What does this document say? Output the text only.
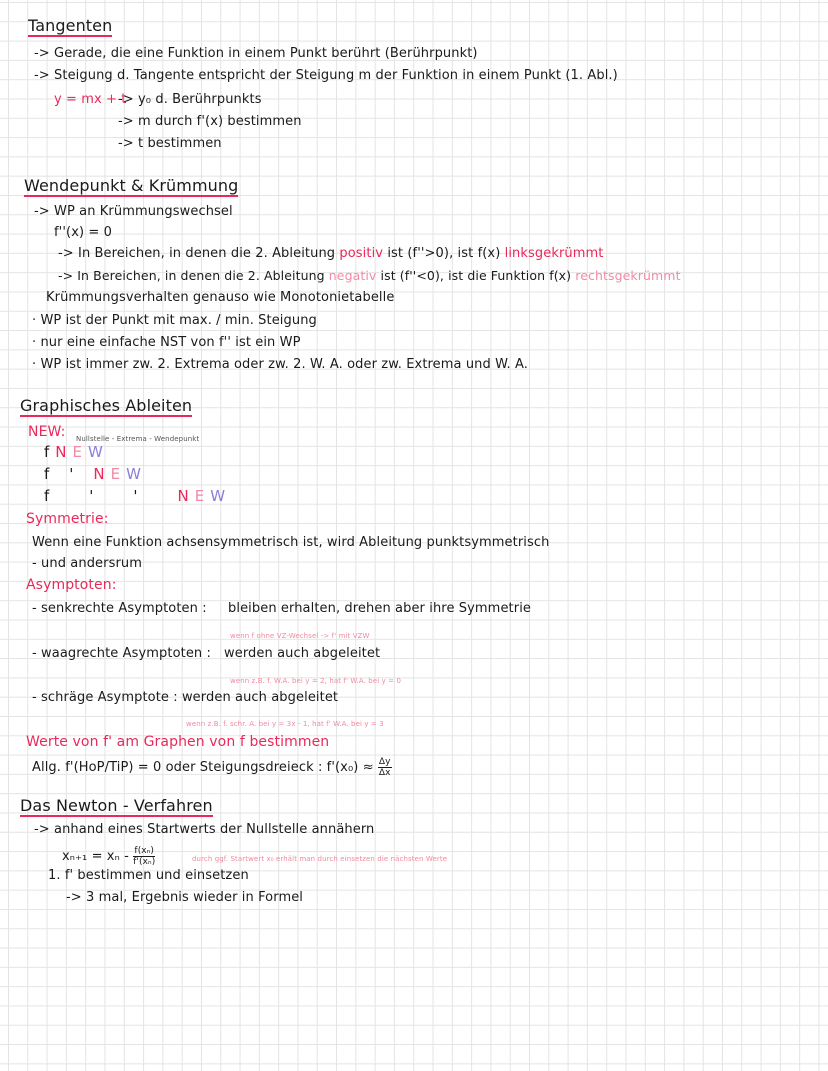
Tangenten
-> Gerade, die eine Funktion in einem Punkt berührt (Berührpunkt)
-> Steigung d. Tangente entspricht der Steigung m der Funktion in einem Punkt (1. Abl.)
y = mx + t
-> y₀ d. Berührpunkts
-> m durch f'(x) bestimmen
-> t bestimmen
Wendepunkt & Krümmung
-> WP an Krümmungswechsel
f''(x) = 0
-> In Bereichen, in denen die 2. Ableitung positiv ist (f''>0), ist f(x) linksgekrümmt
-> In Bereichen, in denen die 2. Ableitung negativ ist (f''<0), ist die Funktion f(x) rechtsgekrümmt
Krümmungsverhalten genauso wie Monotonietabelle
· WP ist der Punkt mit max. / min. Steigung
· nur eine einfache NST von f'' ist ein WP
· WP ist immer zw. 2. Extrema oder zw. 2. W. A. oder zw. Extrema und W. A.
Graphisches Ableiten
NEW: Nullstelle - Extrema - Wendepunkt
fNEW
f'NEW
f''NEW
Symmetrie:
Wenn eine Funktion achsensymmetrisch ist, wird Ableitung punktsymmetrisch
- und andersrum
Asymptoten:
- senkrechte Asymptoten : bleiben erhalten, drehen aber ihre Symmetrie
wenn f ohne VZ-Wechsel -> f' mit VZW
- waagrechte Asymptoten : werden auch abgeleitet
wenn z.B. f. W.A. bei y = 2, hat f' W.A. bei y = 0
- schräge Asymptote : werden auch abgeleitet
wenn z.B. f. schr. A. bei y = 3x - 1, hat f' W.A. bei y = 3
Werte von f' am Graphen von f bestimmen
Allg. f'(HoP/TiP) = 0 oder Steigungsdreieck : $f'(x_0) \approx \frac{\Delta y}{\Delta x}$
Das Newton - Verfahren
-> anhand eines Startwerts der Nullstelle annähern
$x_{n+1} = x_n - \frac{\text{f(xₙ)}}{\text{f'(xₙ)}}$	durch ggf. Startwert x₀ erhält man durch einsetzen die nächsten Werte
1. f' bestimmen und einsetzen
-> 3 mal, Ergebnis wieder in Formel
